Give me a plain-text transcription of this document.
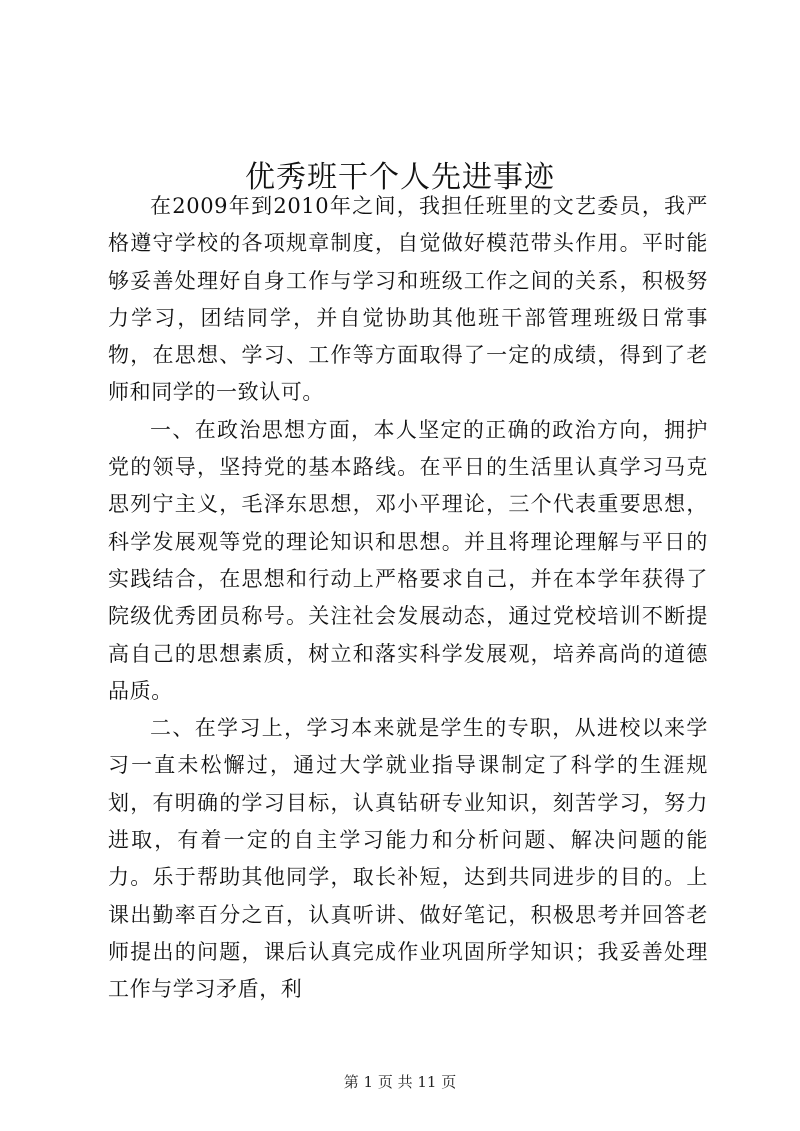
优秀班干个人先进事迹

在2009年到2010年之间，我担任班里的文艺委员，我严格遵守学校的各项规章制度，自觉做好模范带头作用。平时能够妥善处理好自身工作与学习和班级工作之间的关系，积极努力学习，团结同学，并自觉协助其他班干部管理班级日常事物，在思想、学习、工作等方面取得了一定的成绩，得到了老师和同学的一致认可。

一、在政治思想方面，本人坚定的正确的政治方向，拥护党的领导，坚持党的基本路线。在平日的生活里认真学习马克思列宁主义，毛泽东思想，邓小平理论，三个代表重要思想，科学发展观等党的理论知识和思想。并且将理论理解与平日的实践结合，在思想和行动上严格要求自己，并在本学年获得了院级优秀团员称号。关注社会发展动态，通过党校培训不断提高自己的思想素质，树立和落实科学发展观，培养高尚的道德品质。

二、在学习上，学习本来就是学生的专职，从进校以来学习一直未松懈过，通过大学就业指导课制定了科学的生涯规划，有明确的学习目标，认真钻研专业知识，刻苦学习，努力进取，有着一定的自主学习能力和分析问题、解决问题的能力。乐于帮助其他同学，取长补短，达到共同进步的目的。上课出勤率百分之百，认真听讲、做好笔记，积极思考并回答老师提出的问题，课后认真完成作业巩固所学知识；我妥善处理工作与学习矛盾，利

第 1 页 共 11 页
